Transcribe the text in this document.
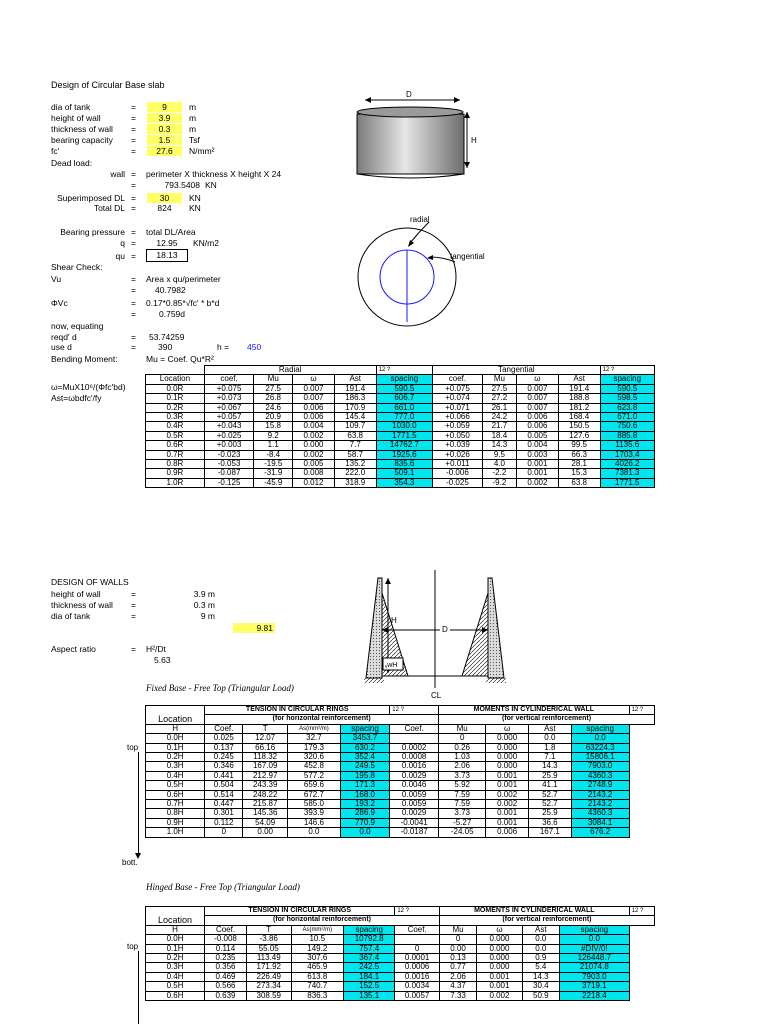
Design of Circular Base slab
dia of tank	=	9	m
height of wall	=	3.9	m
thickness of wall =	0.3	m
bearing capacity =	1.5	Tsf
fc'	=	27.6	N/mm²
Dead load:
wall = perimeter X thickness X height X 24
=	793.5408 KN
Superimposed DL =	30	KN
Total DL =	824	KN
Bearing pressure = total DL/Area
q =	12.95	KN/m2
qu =	18.13
Shear Check:
Vu	= Area x qu/perimeter
= 40.7982
ΦVc	= 0.17*0.85*√fc' * b*d
=	0.759d
now, equating
reqd' d	= 53.74259
use d	=	390	h = 450
Bending Moment:	Mu = Coef. Qu*R²
ω=MuX10⁶/(Φfc'bd)
Ast=ωbdfc'/fy
D
H
radial
tangential
	Radial				12 ?	Tangential				12 ?
Location	coef.	Mu	ω	Ast	spacing	coef.	Mu	ω	Ast	spacing
0.0R	+0.075	27.5	0.007	191.4	590.5	+0.075	27.5	0.007	191.4	590.5
0.1R	+0.073	26.8	0.007	186.3	606.7	+0.074	27.2	0.007	188.8	598.5
0.2R	+0.067	24.6	0.006	170.9	661.0	+0.071	26.1	0.007	181.2	623.8
0.3R	+0.057	20.9	0.006	145.4	777.0	+0.066	24.2	0.006	168.4	671.0
0.4R	+0.043	15.8	0.004	109.7	1030.0	+0.059	21.7	0.006	150.5	750.6
0.5R	+0.025	9.2	0.002	63.8	1771.5	+0.050	18.4	0.005	127.6	885.8
0.6R	+0.003	1.1	0.000	7.7	14762.7	+0.039	14.3	0.004	99.5	1135.6
0.7R	-0.023	-8.4	0.002	58.7	1925.6	+0.026	9.5	0.003	66.3	1703.4
0.8R	-0.053	-19.5	0.005	135.2	835.6	+0.011	4.0	0.001	28.1	4026.2
0.9R	-0.087	-31.9	0.008	222.0	509.1	-0.006	-2.2	0.001	15.3	7381.3
1.0R	-0.125	-45.9	0.012	318.9	354.3	-0.025	-9.2	0.002	63.8	1771.5
DESIGN OF WALLS
height of wall	=	3.9 m
thickness of wall =	0.3 m
dia of tank	=	9 m
9.81
Aspect ratio	= H²/Dt
5.63
H
D
ᵧwH
CL
Fixed Base - Free Top (Triangular Load)
	TENSION IN CIRCULAR RINGS				12 ?	MOMENTS IN CYLINDERICAL WALL				12 ?
Location	(for horizontal reinforcement)					(for vertical reinforcement)				
H	Coef.	T	As(mm²/m)	spacing	Coef.	Mu	ω	Ast	spacing	
0.0H	0.025	12.07	32.7	3453.7		0	0.000	0.0	0.0	
0.1H	0.137	66.16	179.3	630.2	0.0002	0.26	0.000	1.8	63224.3	
0.2H	0.245	118.32	320.6	352.4	0.0008	1.03	0.000	7.1	15806.1	
0.3H	0.346	167.09	452.8	249.5	0.0016	2.06	0.000	14.3	7903.0	
0.4H	0.441	212.97	577.2	195.8	0.0029	3.73	0.001	25.9	4360.3	
0.5H	0.504	243.39	659.6	171.3	0.0046	5.92	0.001	41.1	2748.9	
0.6H	0.514	248.22	672.7	168.0	0.0059	7.59	0.002	52.7	2143.2	
0.7H	0.447	215.87	585.0	193.2	0.0059	7.59	0.002	52.7	2143.2	
0.8H	0.301	145.36	393.9	286.9	0.0029	3.73	0.001	25.9	4360.3	
0.9H	0.112	54.09	146.6	770.9	-0.0041	-5.27	0.001	36.6	3084.1	
1.0H	0	0.00	0.0	0.0	-0.0187	-24.05	0.006	167.1	676.2	
top
bott.
Hinged Base - Free Top (Triangular Load)
	TENSION IN CIRCULAR RINGS				12 ?	MOMENTS IN CYLINDERICAL WALL				12 ?
Location	(for horizontal reinforcement)					(for vertical reinforcement)				
H	Coef.	T	As(mm²/m)	spacing	Coef.	Mu	ω	Ast	spacing	
0.0H	-0.008	-3.86	10.5	10792.8		0	0.000	0.0	0.0	
0.1H	0.114	55.05	149.2	757.4	0	0.00	0.000	0.0	#DIV/0!	
0.2H	0.235	113.49	307.6	367.4	0.0001	0.13	0.000	0.9	126448.7	
0.3H	0.356	171.92	465.9	242.5	0.0006	0.77	0.000	5.4	21074.8	
0.4H	0.469	226.49	613.8	184.1	0.0016	2.06	0.001	14.3	7903.0	
0.5H	0.566	273.34	740.7	152.5	0.0034	4.37	0.001	30.4	3719.1	
0.6H	0.639	308.59	836.3	135.1	0.0057	7.33	0.002	50.9	2218.4	
top
